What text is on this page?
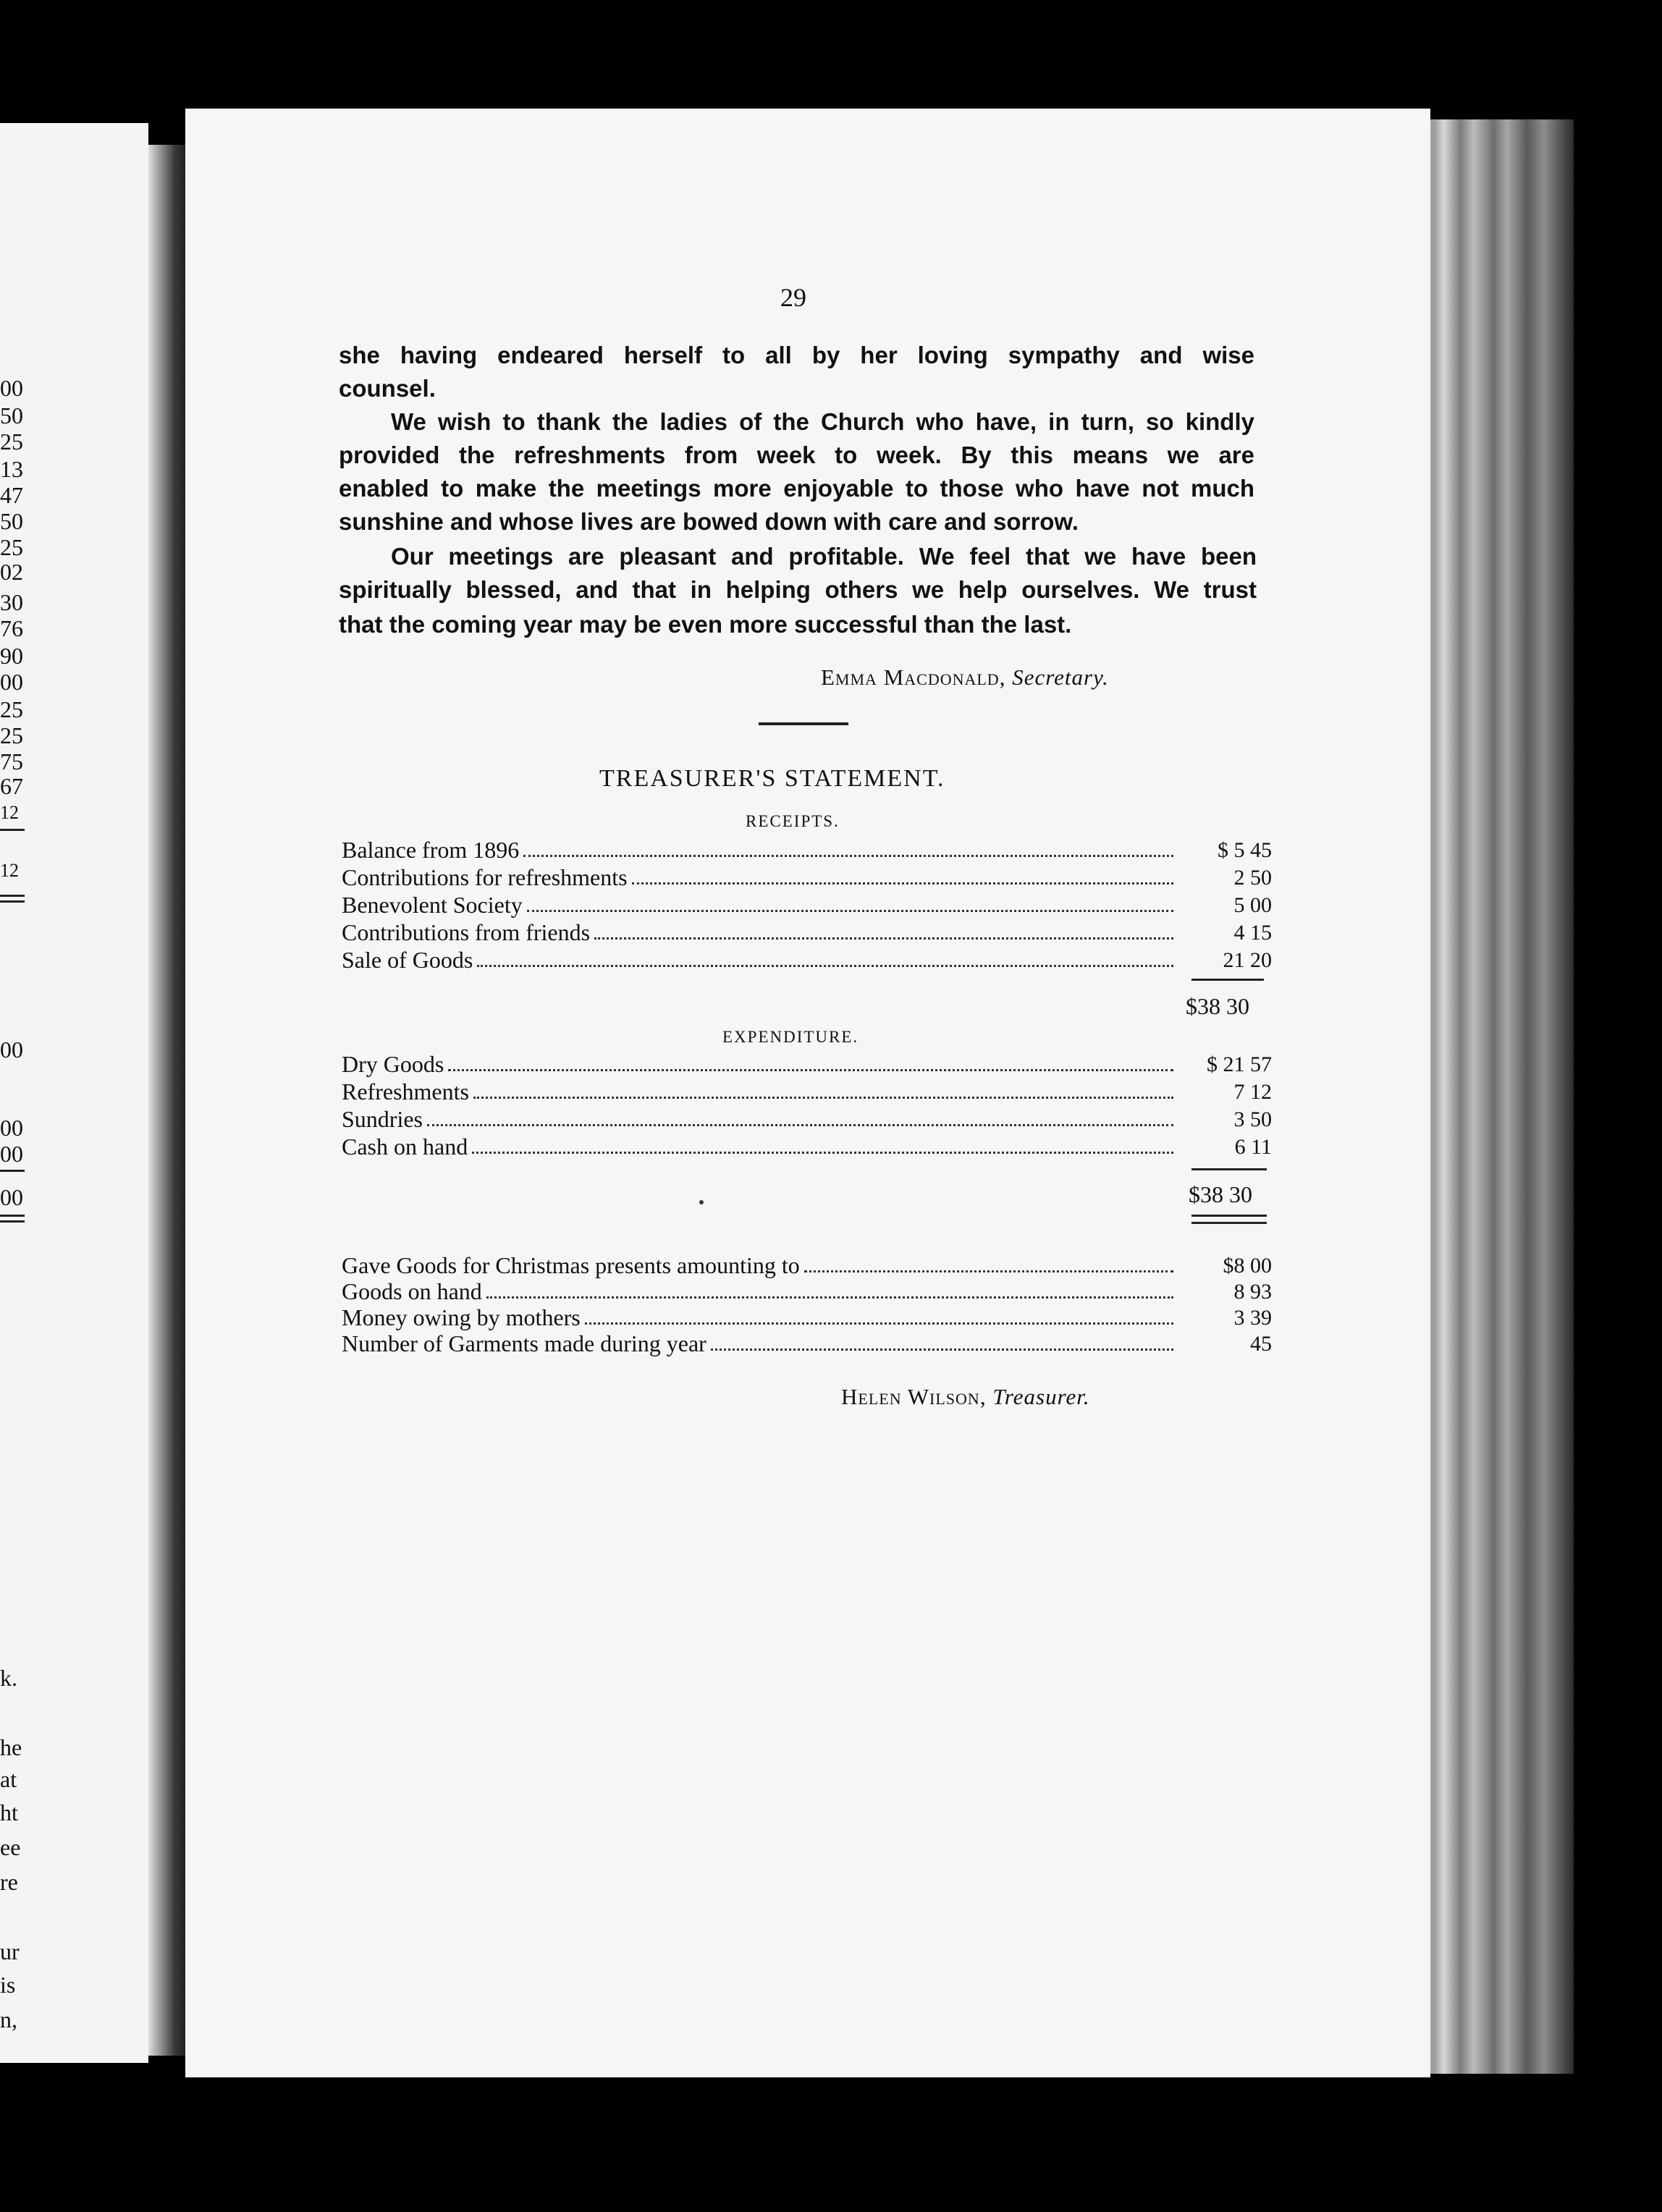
00
50
25
13
47
50
25
02
30
76
90
00
25
25
75
67
12
12
00
00
00
00
k.
he
at
ht
ee
re
ur
is
n,
29
she having endeared herself to all by her loving sympathy and wise
counsel.
We wish to thank the ladies of the Church who have, in turn, so kindly
provided the refreshments from week to week. By this means we are
enabled to make the meetings more enjoyable to those who have not much
sunshine and whose lives are bowed down with care and sorrow.
Our meetings are pleasant and profitable. We feel that we have been
spiritually blessed, and that in helping others we help ourselves. We trust
that the coming year may be even more successful than the last.
Emma Macdonald, Secretary.
TREASURER'S STATEMENT.
RECEIPTS.
Balance from 1896	$ 5 45
Contributions for refreshments	2 50
Benevolent Society	5 00
Contributions from friends	4 15
Sale of Goods	21 20
$38 30
EXPENDITURE.
Dry Goods	$ 21 57
Refreshments	7 12
Sundries	3 50
Cash on hand	6 11
$38 30
Gave Goods for Christmas presents amounting to	$8 00
Goods on hand	8 93
Money owing by mothers	3 39
Number of Garments made during year	45
Helen Wilson, Treasurer.
